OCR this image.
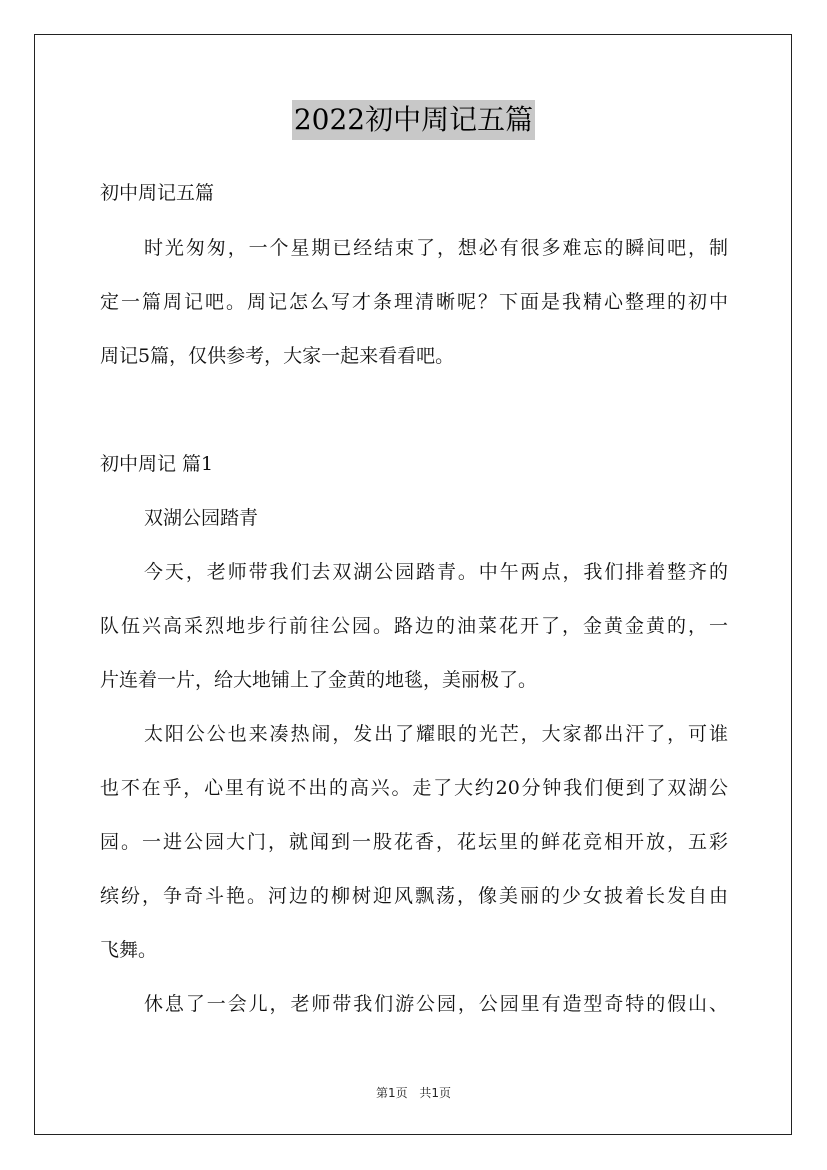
2022初中周记五篇
初中周记五篇
时光匆匆，一个星期已经结束了，想必有很多难忘的瞬间吧，制
定一篇周记吧。周记怎么写才条理清晰呢？下面是我精心整理的初中
周记5篇，仅供参考，大家一起来看看吧。
初中周记 篇1
双湖公园踏青
今天，老师带我们去双湖公园踏青。中午两点，我们排着整齐的
队伍兴高采烈地步行前往公园。路边的油菜花开了，金黄金黄的，一
片连着一片，给大地铺上了金黄的地毯，美丽极了。
太阳公公也来凑热闹，发出了耀眼的光芒，大家都出汗了，可谁
也不在乎，心里有说不出的高兴。走了大约20分钟我们便到了双湖公
园。一进公园大门，就闻到一股花香，花坛里的鲜花竞相开放，五彩
缤纷，争奇斗艳。河边的柳树迎风飘荡，像美丽的少女披着长发自由
飞舞。
休息了一会儿，老师带我们游公园，公园里有造型奇特的假山、
第1页 共1页
